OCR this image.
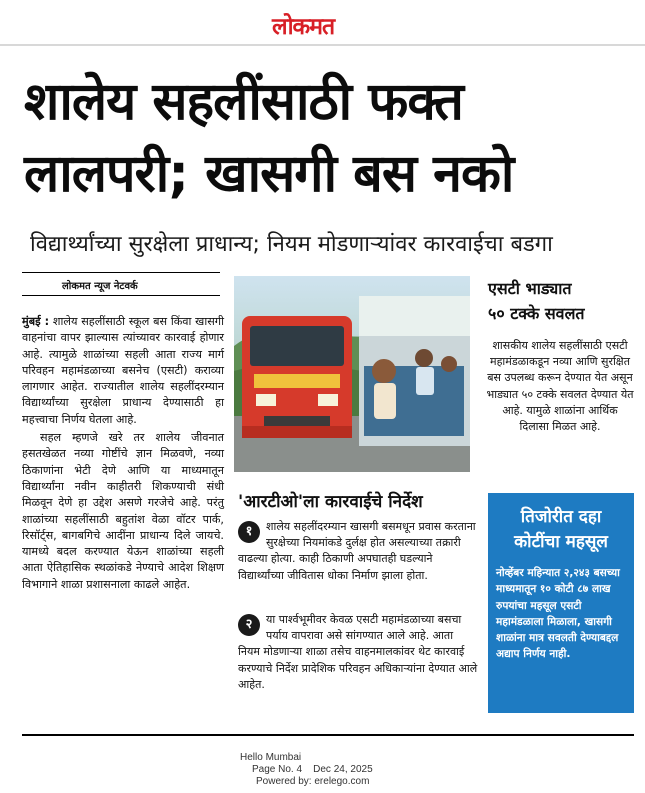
लोकमत
शालेय सहलींसाठी फक्त
लालपरी; खासगी बस नको
विद्यार्थ्यांच्या सुरक्षेला प्राधान्य; नियम मोडणाऱ्यांवर कारवाईचा बडगा
लोकमत न्यूज नेटवर्क

मुंबई : शालेय सहलींसाठी स्कूल बस किंवा खासगी वाहनांचा वापर झाल्यास त्यांच्यावर कारवाई होणार आहे. त्यामुळे शाळांच्या सहली आता राज्य मार्ग परिवहन महामंडळाच्या बसनेच (एसटी) कराव्या लागणार आहेत. राज्यातील शालेय सहलींदरम्यान विद्यार्थ्यांच्या सुरक्षेला प्राधान्य देण्यासाठी हा महत्त्वाचा निर्णय घेतला आहे.

सहल म्हणजे खरे तर शालेय जीवनात हसतखेळत नव्या गोष्टींचे ज्ञान मिळवणे, नव्या ठिकाणांना भेटी देणे आणि या माध्यमातून विद्यार्थ्यांना नवीन काहीतरी शिकण्याची संधी मिळवून देणे हा उद्देश असणे गरजेचे आहे. परंतु शाळांच्या सहलींसाठी बहुतांश वेळा वॉटर पार्क, रिसॉर्ट्स, बागबगिचे आदींना प्राधान्य दिले जायचे. यामध्ये बदल करण्यात येऊन शाळांच्या सहली आता ऐतिहासिक स्थळांकडे नेण्याचे आदेश शिक्षण विभागाने शाळा प्रशासनाला काढले आहेत.

'आरटीओ'ला कारवाईचे निर्देश
१	शालेय सहलींदरम्यान खासगी बसमधून प्रवास करताना सुरक्षेच्या नियमांकडे दुर्लक्ष होत असल्याच्या तक्रारी वाढल्या होत्या. काही ठिकाणी अपघातही घडल्याने विद्यार्थ्यांच्या जीवितास धोका निर्माण झाला होता.
२	या पार्श्वभूमीवर केवळ एसटी महामंडळाच्या बसचा पर्याय वापरावा असे सांगण्यात आले आहे. आता नियम मोडणाऱ्या शाळा तसेच वाहनमालकांवर थेट कारवाई करण्याचे निर्देश प्रादेशिक परिवहन अधिकाऱ्यांना देण्यात आले आहेत.
एसटी भाड्यात
५० टक्के सवलत
शासकीय शालेय सहलींसाठी एसटी महामंडळाकडून नव्या आणि सुरक्षित बस उपलब्ध करून देण्यात येत असून भाड्यात ५० टक्के सवलत देण्यात येत आहे. यामुळे शाळांना आर्थिक दिलासा मिळत आहे.
तिजोरीत दहा
कोटींचा महसूल
नोव्हेंबर महिन्यात २,२४३ बसच्या माध्यमातून १० कोटी ८७ लाख रुपयांचा महसूल एसटी महामंडळाला मिळाला, खासगी शाळांना मात्र सवलती देण्याबद्दल अद्याप निर्णय नाही.
Hello Mumbai
Page No. 4    Dec 24, 2025
Powered by: erelego.com
